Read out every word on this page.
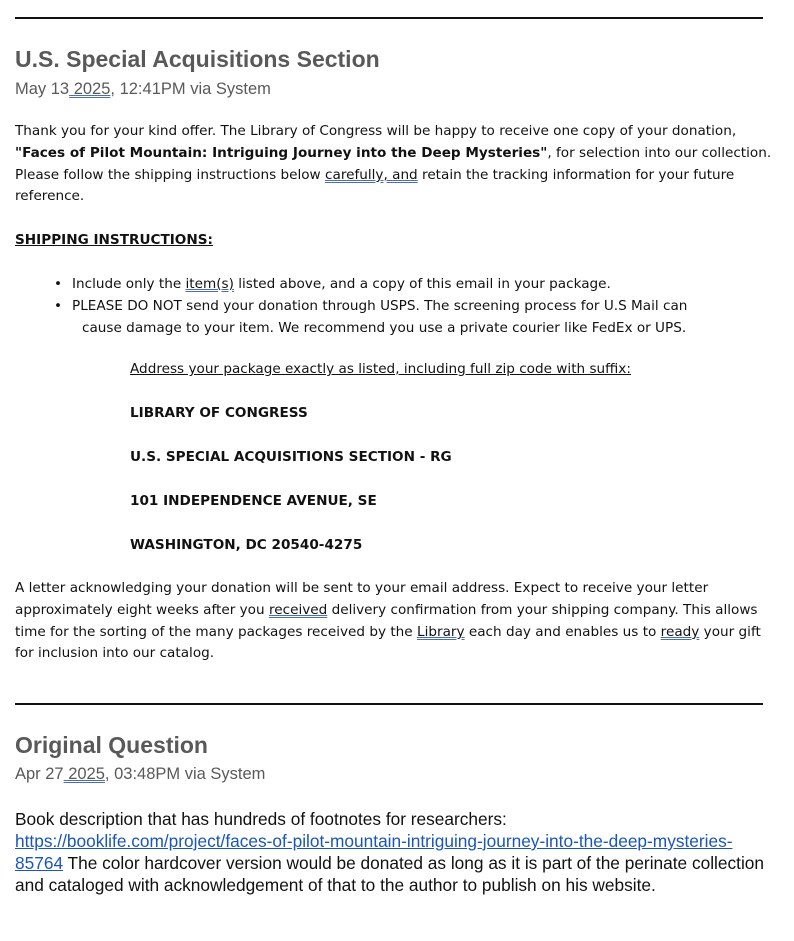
U.S. Special Acquisitions Section
May 13 2025, 12:41PM via System

Thank you for your kind offer. The Library of Congress will be happy to receive one copy of your donation, "Faces of Pilot Mountain: Intriguing Journey into the Deep Mysteries", for selection into our collection. Please follow the shipping instructions below carefully, and retain the tracking information for your future reference.

SHIPPING INSTRUCTIONS:
• Include only the item(s) listed above, and a copy of this email in your package.
• PLEASE DO NOT send your donation through USPS. The screening process for U.S Mail can
cause damage to your item. We recommend you use a private courier like FedEx or UPS.
Address your package exactly as listed, including full zip code with suffix:
LIBRARY OF CONGRESS
U.S. SPECIAL ACQUISITIONS SECTION - RG
101 INDEPENDENCE AVENUE, SE
WASHINGTON, DC 20540-4275

A letter acknowledging your donation will be sent to your email address. Expect to receive your letter approximately eight weeks after you received delivery confirmation from your shipping company. This allows time for the sorting of the many packages received by the Library each day and enables us to ready your gift for inclusion into our catalog.

Original Question
Apr 27 2025, 03:48PM via System
Book description that has hundreds of footnotes for researchers: https://booklife.com/project/faces-of-pilot-mountain-intriguing-journey-into-the-deep-mysteries-85764 The color hardcover version would be donated as long as it is part of the perinate collection and cataloged with acknowledgement of that to the author to publish on his website.
